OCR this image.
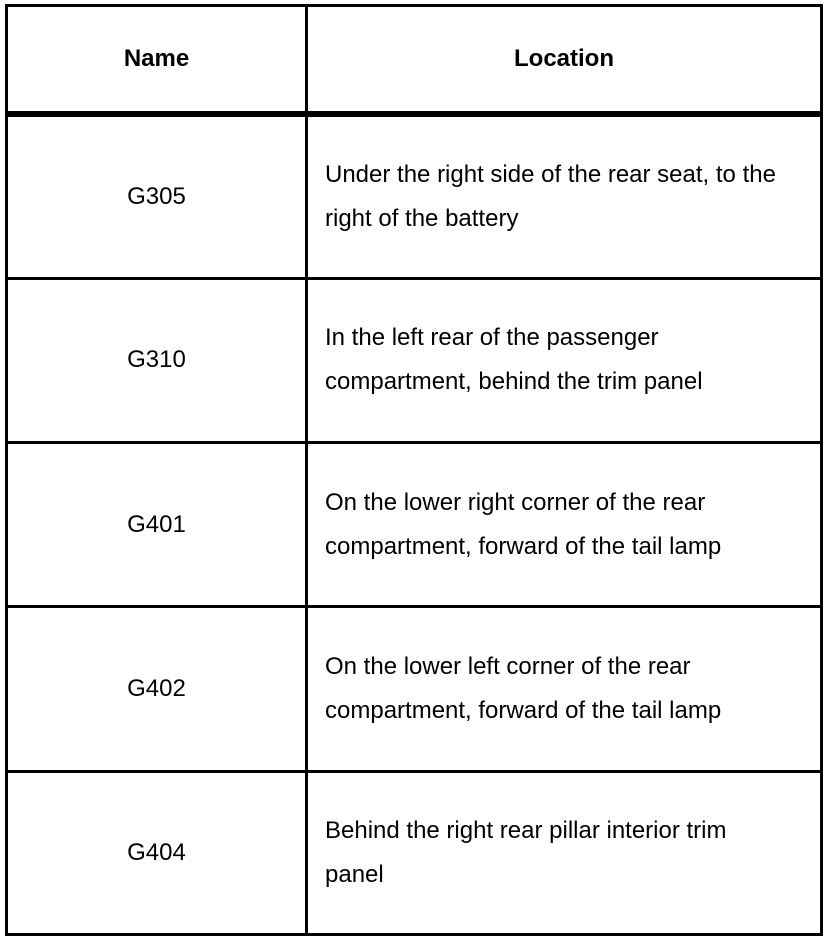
Name	Location
G305	Under the right side of the rear seat, to the right of the battery

G310	In the left rear of the passenger compartment, behind the trim panel

G401	On the lower right corner of the rear compartment, forward of the tail lamp

G402	On the lower left corner of the rear compartment, forward of the tail lamp

G404	Behind the right rear pillar interior trim panel
